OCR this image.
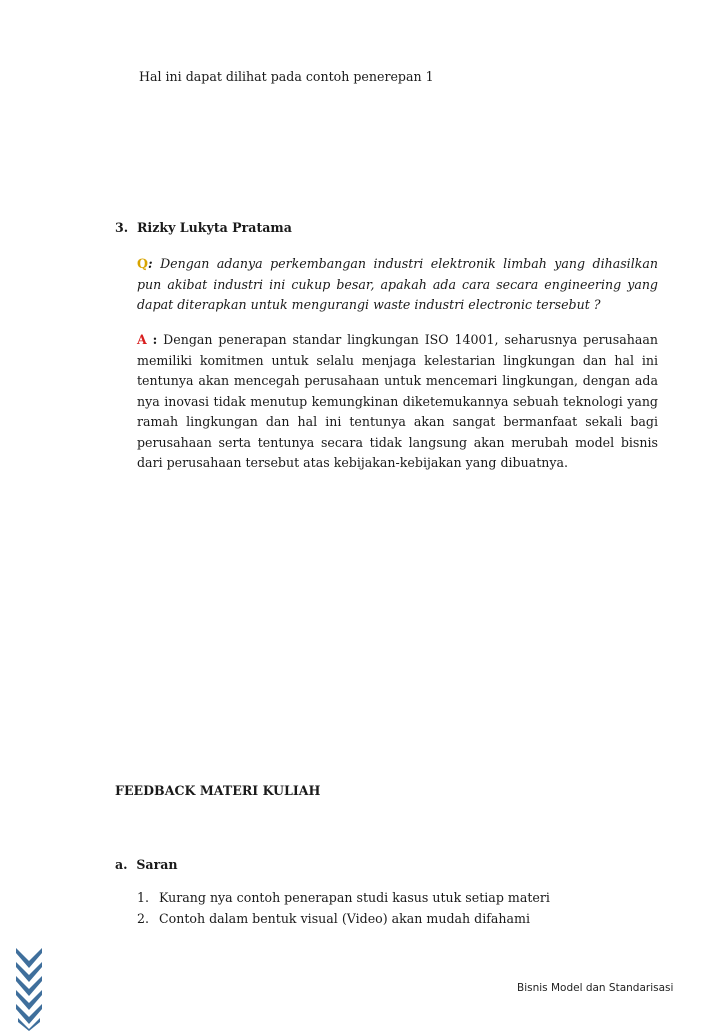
Hal ini dapat dilihat pada contoh penerepan 1
3. Rizky Lukyta Pratama
Q: Dengan adanya perkembangan industri elektronik limbah yang dihasilkan pun akibat industri ini cukup besar, apakah ada cara secara engineering yang dapat diterapkan untuk mengurangi waste industri electronic tersebut ?
A : Dengan penerapan standar lingkungan ISO 14001, seharusnya perusahaan memiliki komitmen untuk selalu menjaga kelestarian lingkungan dan hal ini tentunya akan mencegah perusahaan untuk mencemari lingkungan, dengan ada nya inovasi tidak menutup kemungkinan diketemukannya sebuah teknologi yang ramah lingkungan dan hal ini tentunya akan sangat bermanfaat sekali bagi perusahaan serta tentunya secara tidak langsung akan merubah model bisnis dari perusahaan tersebut atas kebijakan-kebijakan yang dibuatnya.
FEEDBACK MATERI KULIAH
a. Saran
1. Kurang nya contoh penerapan studi kasus utuk setiap materi
2. Contoh dalam bentuk visual (Video) akan mudah difahami
Bisnis Model dan Standarisasi
